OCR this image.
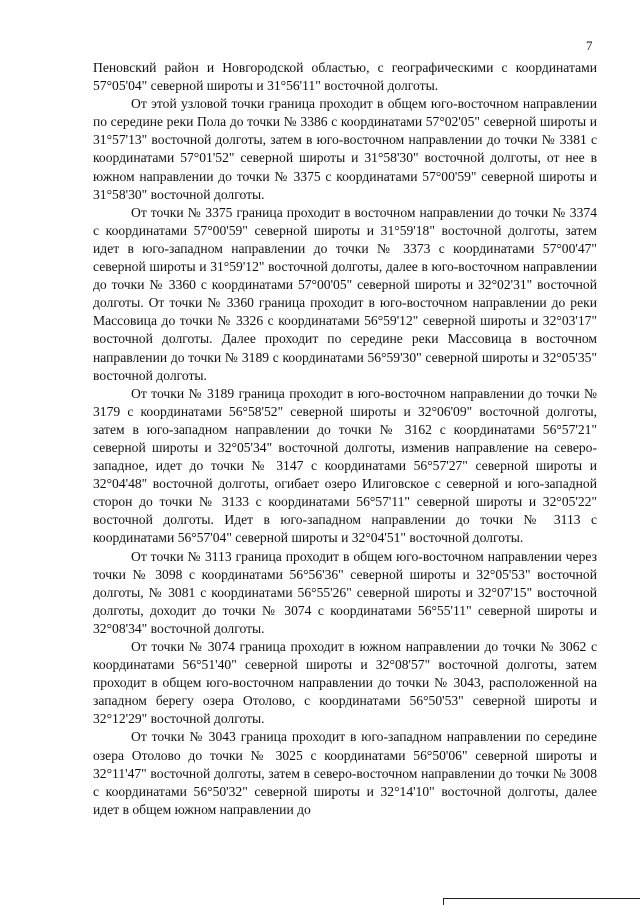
7

Пеновский район и Новгородской областью, с географическими с координатами 57°05'04" северной широты и 31°56'11" восточной долготы.

От этой узловой точки граница проходит в общем юго-восточном направлении по середине реки Пола до точки № 3386 с координатами 57°02'05" северной широты и 31°57'13" восточной долготы, затем в юго-восточном направлении до точки № 3381 с координатами 57°01'52" северной широты и 31°58'30" восточной долготы, от нее в южном направлении до точки № 3375 с координатами 57°00'59" северной широты и 31°58'30" восточной долготы.

От точки № 3375 граница проходит в восточном направлении до точки № 3374 с координатами 57°00'59" северной широты и 31°59'18" восточной долготы, затем идет в юго-западном направлении до точки № 3373 с координатами 57°00'47" северной широты и 31°59'12" восточной долготы, далее в юго-восточном направлении до точки № 3360 с координатами 57°00'05" северной широты и 32°02'31" восточной долготы. От точки № 3360 граница проходит в юго-восточном направлении до реки Массовица до точки № 3326 с координатами 56°59'12" северной широты и 32°03'17" восточной долготы. Далее проходит по середине реки Массовица в восточном направлении до точки № 3189 с координатами 56°59'30" северной широты и 32°05'35" восточной долготы.

От точки № 3189 граница проходит в юго-восточном направлении до точки № 3179 с координатами 56°58'52" северной широты и 32°06'09" восточной долготы, затем в юго-западном направлении до точки № 3162 с координатами 56°57'21" северной широты и 32°05'34" восточной долготы, изменив направление на северо-западное, идет до точки № 3147 с координатами 56°57'27" северной широты и 32°04'48" восточной долготы, огибает озеро Илиговское с северной и юго-западной сторон до точки № 3133 с координатами 56°57'11" северной широты и 32°05'22" восточной долготы. Идет в юго-западном направлении до точки № 3113 с координатами 56°57'04" северной широты и 32°04'51" восточной долготы.

От точки № 3113 граница проходит в общем юго-восточном направлении через точки № 3098 с координатами 56°56'36" северной широты и 32°05'53" восточной долготы, № 3081 с координатами 56°55'26" северной широты и 32°07'15" восточной долготы, доходит до точки № 3074 с координатами 56°55'11" северной широты и 32°08'34" восточной долготы.

От точки № 3074 граница проходит в южном направлении до точки № 3062 с координатами 56°51'40" северной широты и 32°08'57" восточной долготы, затем проходит в общем юго-восточном направлении до точки № 3043, расположенной на западном берегу озера Отолово, с координатами 56°50'53" северной широты и 32°12'29" восточной долготы.

От точки № 3043 граница проходит в юго-западном направлении по середине озера Отолово до точки № 3025 с координатами 56°50'06" северной широты и 32°11'47" восточной долготы, затем в северо-восточном направлении до точки № 3008 с координатами 56°50'32" северной широты и 32°14'10" восточной долготы, далее идет в общем южном направлении до
